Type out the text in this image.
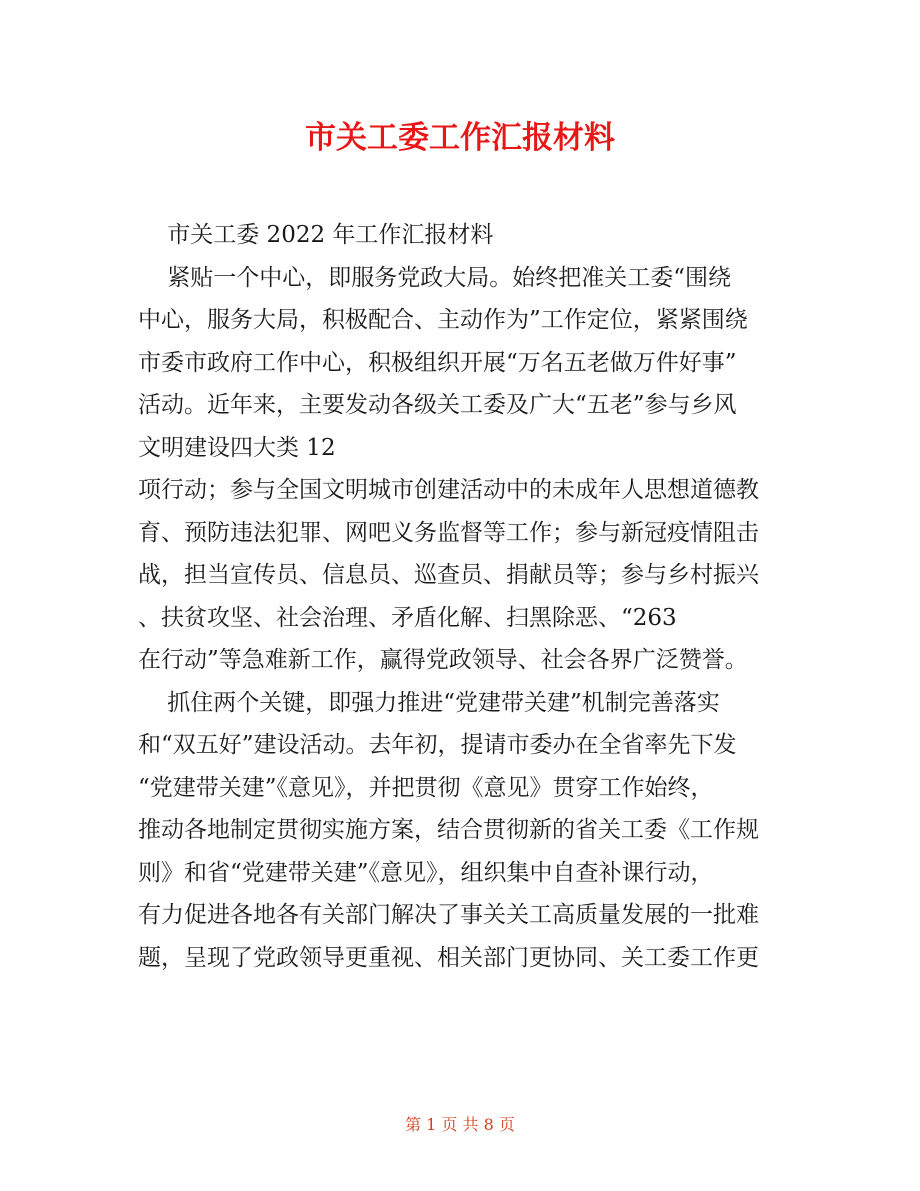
市关工委工作汇报材料
市关工委 2022 年工作汇报材料
紧贴一个中心，即服务党政大局。始终把准关工委“围绕
中心，服务大局，积极配合、主动作为”工作定位，紧紧围绕
市委市政府工作中心，积极组织开展“万名五老做万件好事”
活动。近年来，主要发动各级关工委及广大“五老”参与乡风
文明建设四大类 12
项行动；参与全国文明城市创建活动中的未成年人思想道德教
育、预防违法犯罪、网吧义务监督等工作；参与新冠疫情阻击
战，担当宣传员、信息员、巡查员、捐献员等；参与乡村振兴
、扶贫攻坚、社会治理、矛盾化解、扫黑除恶、“263
在行动”等急难新工作，赢得党政领导、社会各界广泛赞誉。
抓住两个关键，即强力推进“党建带关建”机制完善落实
和“双五好”建设活动。去年初，提请市委办在全省率先下发
“党建带关建”《意见》，并把贯彻《意见》贯穿工作始终，
推动各地制定贯彻实施方案，结合贯彻新的省关工委《工作规
则》和省“党建带关建”《意见》，组织集中自查补课行动，
有力促进各地各有关部门解决了事关关工高质量发展的一批难
题，呈现了党政领导更重视、相关部门更协同、关工委工作更
第 1 页 共 8 页
